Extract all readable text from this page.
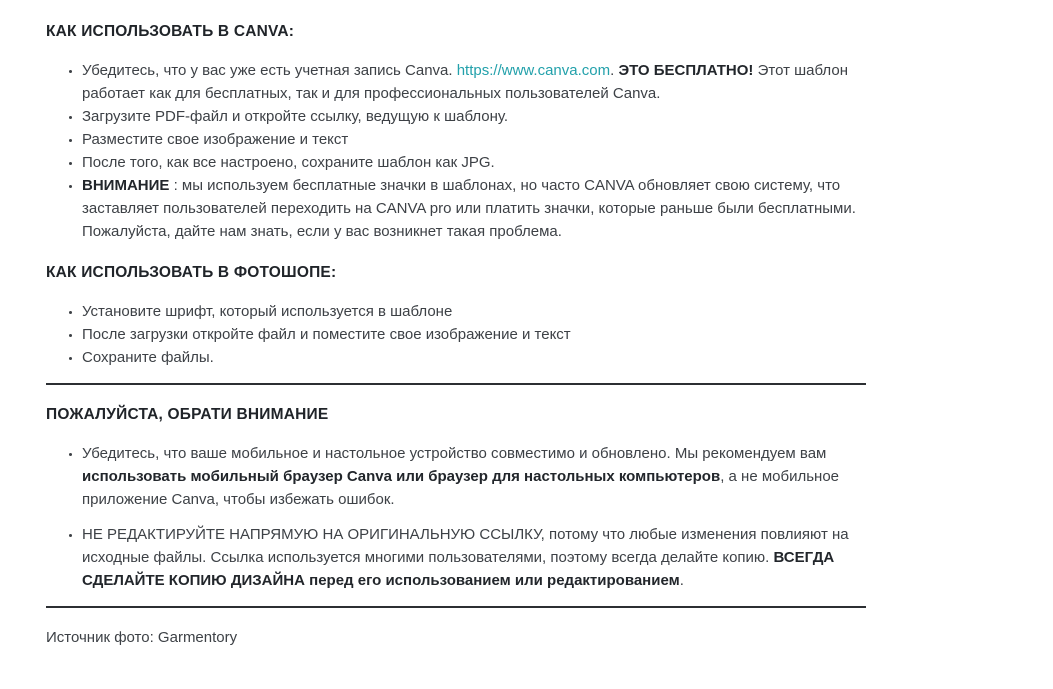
КАК ИСПОЛЬЗОВАТЬ В CANVA:
• Убедитесь, что у вас уже есть учетная запись Canva. https://www.canva.com. ЭТО БЕСПЛАТНО! Этот шаблон работает как для бесплатных, так и для профессиональных пользователей Canva.
• Загрузите PDF-файл и откройте ссылку, ведущую к шаблону.
• Разместите свое изображение и текст
• После того, как все настроено, сохраните шаблон как JPG.
• ВНИМАНИЕ : мы используем бесплатные значки в шаблонах, но часто CANVA обновляет свою систему, что заставляет пользователей переходить на CANVA pro или платить значки, которые раньше были бесплатными. Пожалуйста, дайте нам знать, если у вас возникнет такая проблема.
КАК ИСПОЛЬЗОВАТЬ В ФОТОШОПЕ:
• Установите шрифт, который используется в шаблоне
• После загрузки откройте файл и поместите свое изображение и текст
• Сохраните файлы.
ПОЖАЛУЙСТА, ОБРАТИ ВНИМАНИЕ
• Убедитесь, что ваше мобильное и настольное устройство совместимо и обновлено. Мы рекомендуем вам использовать мобильный браузер Canva или браузер для настольных компьютеров, а не мобильное приложение Canva, чтобы избежать ошибок.
• НЕ РЕДАКТИРУЙТЕ НАПРЯМУЮ НА ОРИГИНАЛЬНУЮ ССЫЛКУ, потому что любые изменения повлияют на исходные файлы. Ссылка используется многими пользователями, поэтому всегда делайте копию. ВСЕГДА СДЕЛАЙТЕ КОПИЮ ДИЗАЙНА перед его использованием или редактированием.

Источник фото: Garmentory
